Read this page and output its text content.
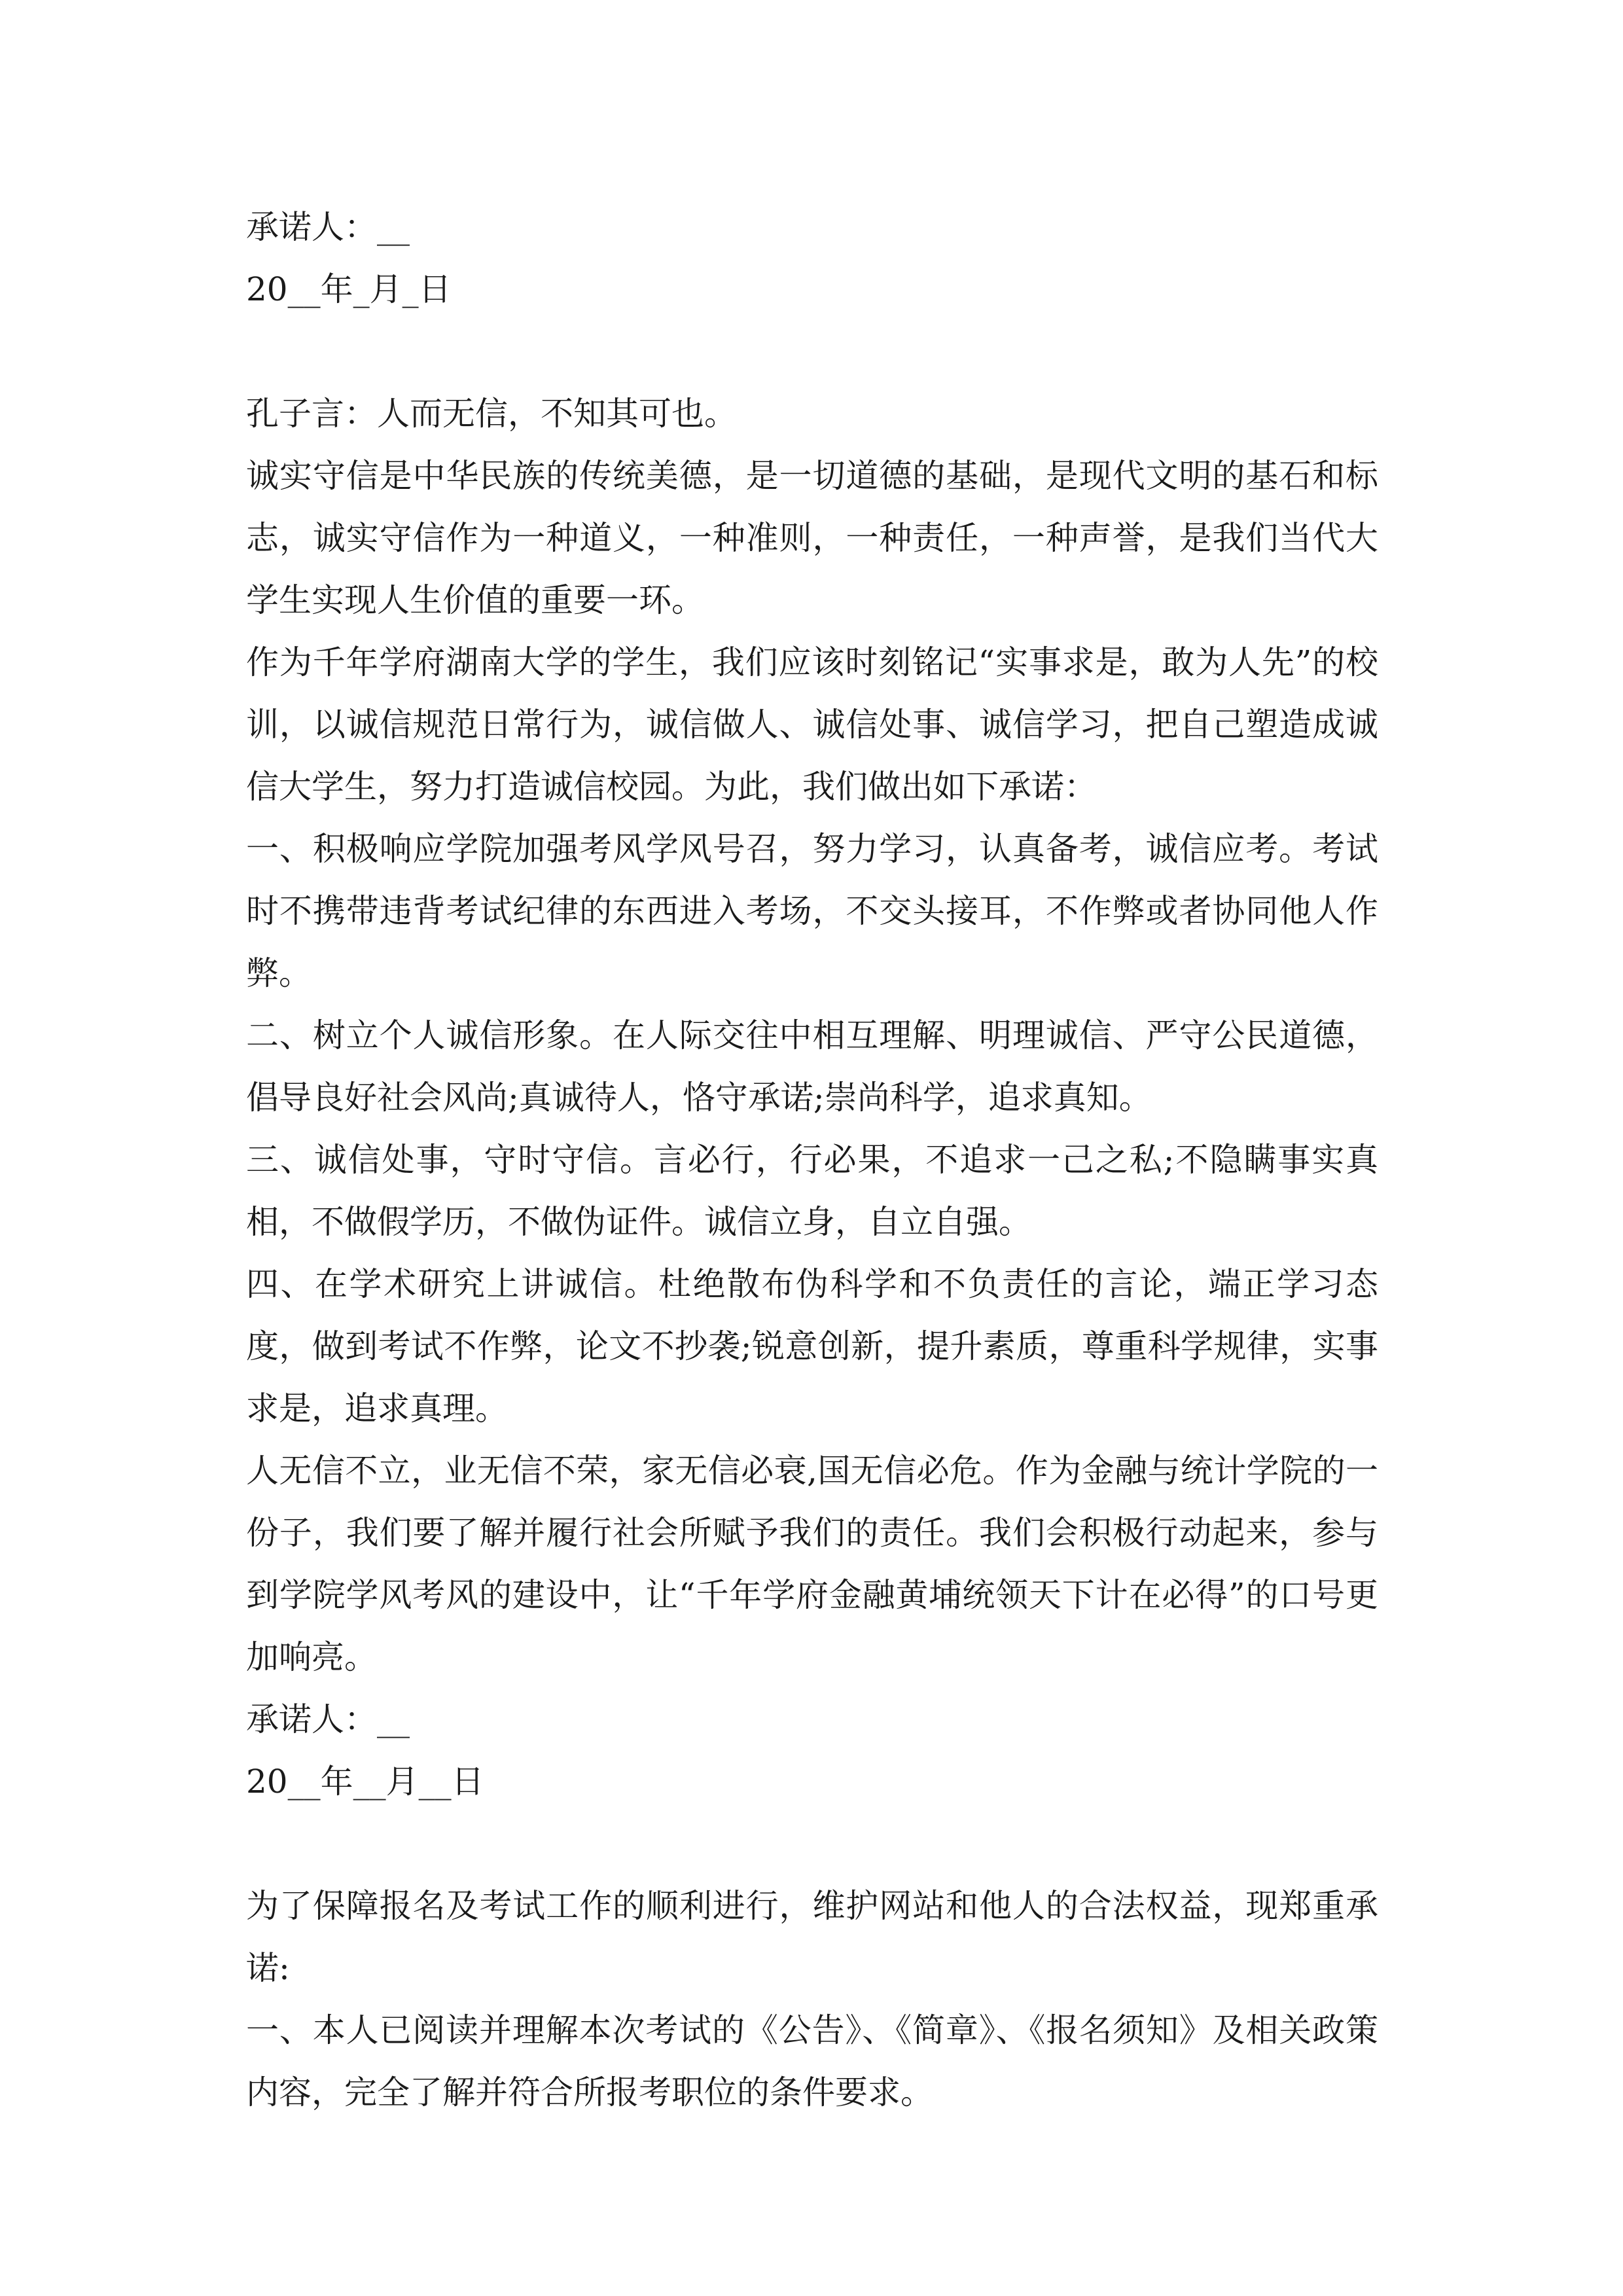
承诺人：__

20__年_月_日

孔子言：人而无信，不知其可也。

诚实守信是中华民族的传统美德，是一切道德的基础，是现代文明的基石和标志，诚实守信作为一种道义，一种准则，一种责任，一种声誉，是我们当代大学生实现人生价值的重要一环。

作为千年学府湖南大学的学生，我们应该时刻铭记“实事求是，敢为人先”的校训，以诚信规范日常行为，诚信做人、诚信处事、诚信学习，把自己塑造成诚信大学生，努力打造诚信校园。为此，我们做出如下承诺：

一、积极响应学院加强考风学风号召，努力学习，认真备考，诚信应考。考试时不携带违背考试纪律的东西进入考场，不交头接耳，不作弊或者协同他人作弊。

二、树立个人诚信形象。在人际交往中相互理解、明理诚信、严守公民道德，倡导良好社会风尚;真诚待人，恪守承诺;崇尚科学，追求真知。

三、诚信处事，守时守信。言必行，行必果，不追求一己之私;不隐瞒事实真相，不做假学历，不做伪证件。诚信立身，自立自强。

四、在学术研究上讲诚信。杜绝散布伪科学和不负责任的言论，端正学习态度，做到考试不作弊，论文不抄袭;锐意创新，提升素质，尊重科学规律，实事求是，追求真理。

人无信不立，业无信不荣，家无信必衰,国无信必危。作为金融与统计学院的一份子，我们要了解并履行社会所赋予我们的责任。我们会积极行动起来，参与到学院学风考风的建设中，让“千年学府金融黄埔统领天下计在必得”的口号更加响亮。

承诺人：__

20__年__月__日

为了保障报名及考试工作的顺利进行，维护网站和他人的合法权益，现郑重承诺:

一、本人已阅读并理解本次考试的《公告》、《简章》、《报名须知》及相关政策内容，完全了解并符合所报考职位的条件要求。
